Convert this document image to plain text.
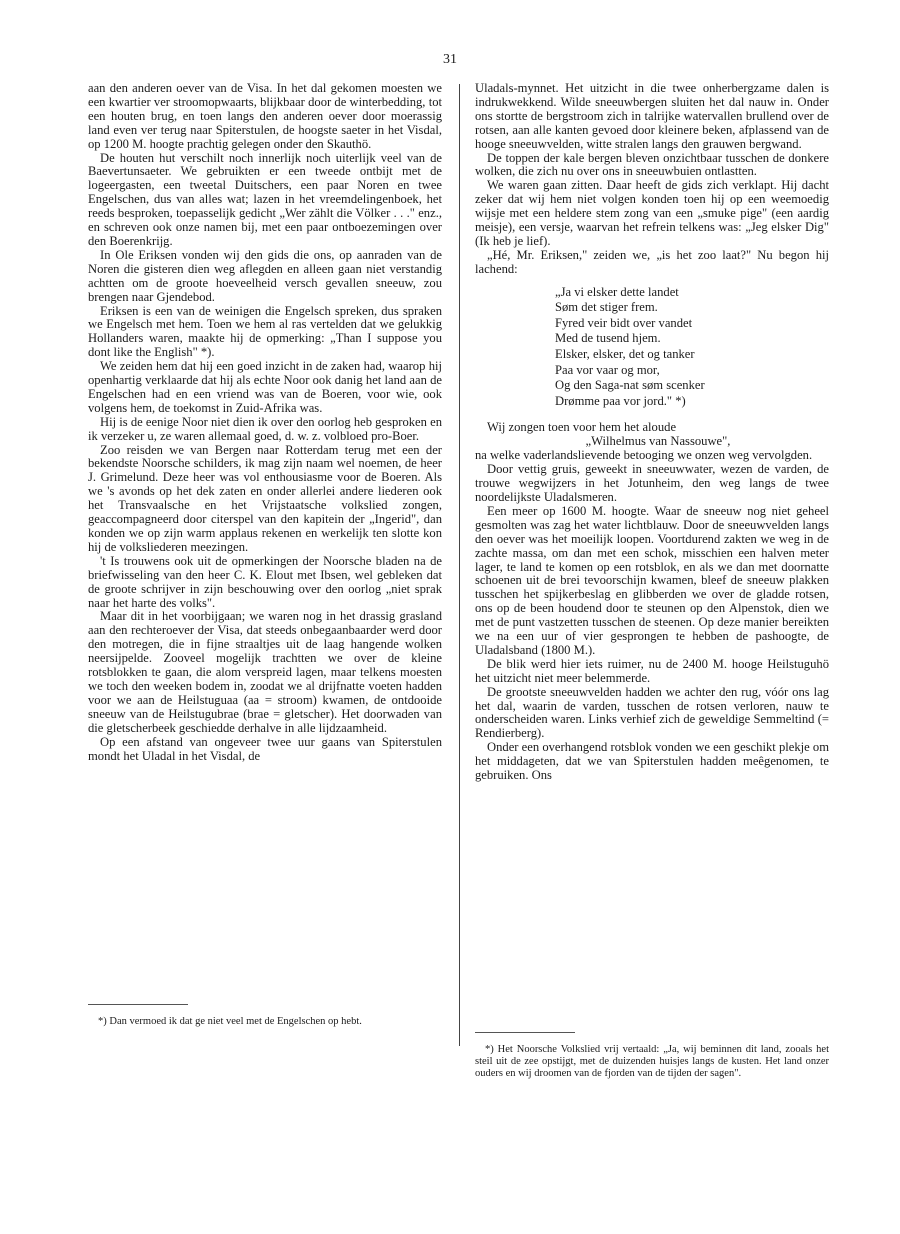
31

aan den anderen oever van de Visa. In het dal gekomen moesten we een kwartier ver stroomopwaarts, blijkbaar door de winterbedding, tot een houten brug, en toen langs den anderen oever door moerassig land even ver terug naar Spiterstulen, de hoogste saeter in het Visdal, op 1200 M. hoogte prachtig gelegen onder den Skauthö.

De houten hut verschilt noch innerlijk noch uiterlijk veel van de Baevertunsaeter. We gebruikten er een tweede ontbijt met de logeergasten, een tweetal Duitschers, een paar Noren en twee Engelschen, dus van alles wat; lazen in het vreemdelingenboek, het reeds besproken, toepasselijk gedicht „Wer zählt die Völker . . ." enz., en schreven ook onze namen bij, met een paar ontboezemingen over den Boerenkrijg.

In Ole Eriksen vonden wij den gids die ons, op aanraden van de Noren die gisteren dien weg aflegden en alleen gaan niet verstandig achtten om de groote hoeveelheid versch gevallen sneeuw, zou brengen naar Gjendebod.

Eriksen is een van de weinigen die Engelsch spreken, dus spraken we Engelsch met hem. Toen we hem al ras vertelden dat we gelukkig Hollanders waren, maakte hij de opmerking: „Than I suppose you dont like the English" *).

We zeiden hem dat hij een goed inzicht in de zaken had, waarop hij openhartig verklaarde dat hij als echte Noor ook danig het land aan de Engelschen had en een vriend was van de Boeren, voor wie, ook volgens hem, de toekomst in Zuid-Afrika was.

Hij is de eenige Noor niet dien ik over den oorlog heb gesproken en ik verzeker u, ze waren allemaal goed, d. w. z. volbloed pro-Boer.

Zoo reisden we van Bergen naar Rotterdam terug met een der bekendste Noorsche schilders, ik mag zijn naam wel noemen, de heer J. Grimelund. Deze heer was vol enthousiasme voor de Boeren. Als we 's avonds op het dek zaten en onder allerlei andere liederen ook het Transvaalsche en het Vrijstaatsche volkslied zongen, geaccompagneerd door citerspel van den kapitein der „Ingerid", dan konden we op zijn warm applaus rekenen en werkelijk ten slotte kon hij de volksliederen meezingen.

't Is trouwens ook uit de opmerkingen der Noorsche bladen na de briefwisseling van den heer C. K. Elout met Ibsen, wel gebleken dat de groote schrijver in zijn beschouwing over den oorlog „niet sprak naar het harte des volks".

Maar dit in het voorbijgaan; we waren nog in het drassig grasland aan den rechteroever der Visa, dat steeds onbegaanbaarder werd door den motregen, die in fijne straaltjes uit de laag hangende wolken neersijpelde. Zooveel mogelijk trachtten we over de kleine rotsblokken te gaan, die alom verspreid lagen, maar telkens moesten we toch den weeken bodem in, zoodat we al drijfnatte voeten hadden voor we aan de Heilstuguaa (aa = stroom) kwamen, de ontdooide sneeuw van de Heilstugubrae (brae = gletscher). Het doorwaden van die gletscherbeek geschiedde derhalve in alle lijdzaamheid.

Op een afstand van ongeveer twee uur gaans van Spiterstulen mondt het Uladal in het Visdal, de

Uladals-mynnet. Het uitzicht in die twee onherbergzame dalen is indrukwekkend. Wilde sneeuwbergen sluiten het dal nauw in. Onder ons stortte de bergstroom zich in talrijke watervallen brullend over de rotsen, aan alle kanten gevoed door kleinere beken, afplassend van de hooge sneeuwvelden, witte stralen langs den grauwen bergwand.

De toppen der kale bergen bleven onzichtbaar tusschen de donkere wolken, die zich nu over ons in sneeuwbuien ontlastten.

We waren gaan zitten. Daar heeft de gids zich verklapt. Hij dacht zeker dat wij hem niet volgen konden toen hij op een weemoedig wijsje met een heldere stem zong van een „smuke pige" (een aardig meisje), een versje, waarvan het refrein telkens was: „Jeg elsker Dig" (Ik heb je lief).

„Hé, Mr. Eriksen," zeiden we, „is het zoo laat?" Nu begon hij lachend:

„Ja vi elsker dette landet
Søm det stiger frem.
Fyred veir bidt over vandet
Med de tusend hjem.
Elsker, elsker, det og tanker
Paa vor vaar og mor,
Og den Saga-nat søm scenker
Drømme paa vor jord." *)

Wij zongen toen voor hem het aloude

„Wilhelmus van Nassouwe",

na welke vaderlandslievende betooging we onzen weg vervolgden.

Door vettig gruis, geweekt in sneeuwwater, wezen de varden, de trouwe wegwijzers in het Jotunheim, den weg langs de twee noordelijkste Uladalsmeren.

Een meer op 1600 M. hoogte. Waar de sneeuw nog niet geheel gesmolten was zag het water lichtblauw. Door de sneeuwvelden langs den oever was het moeilijk loopen. Voortdurend zakten we weg in de zachte massa, om dan met een schok, misschien een halven meter lager, te land te komen op een rotsblok, en als we dan met doornatte schoenen uit de brei tevoorschijn kwamen, bleef de sneeuw plakken tusschen het spijkerbeslag en glibberden we over de gladde rotsen, ons op de been houdend door te steunen op den Alpenstok, dien we met de punt vastzetten tusschen de steenen. Op deze manier bereikten we na een uur of vier gesprongen te hebben de pashoogte, de Uladalsband (1800 M.).

De blik werd hier iets ruimer, nu de 2400 M. hooge Heilstuguhö het uitzicht niet meer belemmerde.

De grootste sneeuwvelden hadden we achter den rug, vóór ons lag het dal, waarin de varden, tusschen de rotsen verloren, nauw te onderscheiden waren. Links verhief zich de geweldige Semmeltind (= Rendierberg).

Onder een overhangend rotsblok vonden we een geschikt plekje om het middageten, dat we van Spiterstulen hadden meêgenomen, te gebruiken. Ons

*) Dan vermoed ik dat ge niet veel met de Engelschen op hebt.

*) Het Noorsche Volkslied vrij vertaald: „Ja, wij beminnen dit land, zooals het steil uit de zee opstijgt, met de duizenden huisjes langs de kusten. Het land onzer ouders en wij droomen van de fjorden van de tijden der sagen".
